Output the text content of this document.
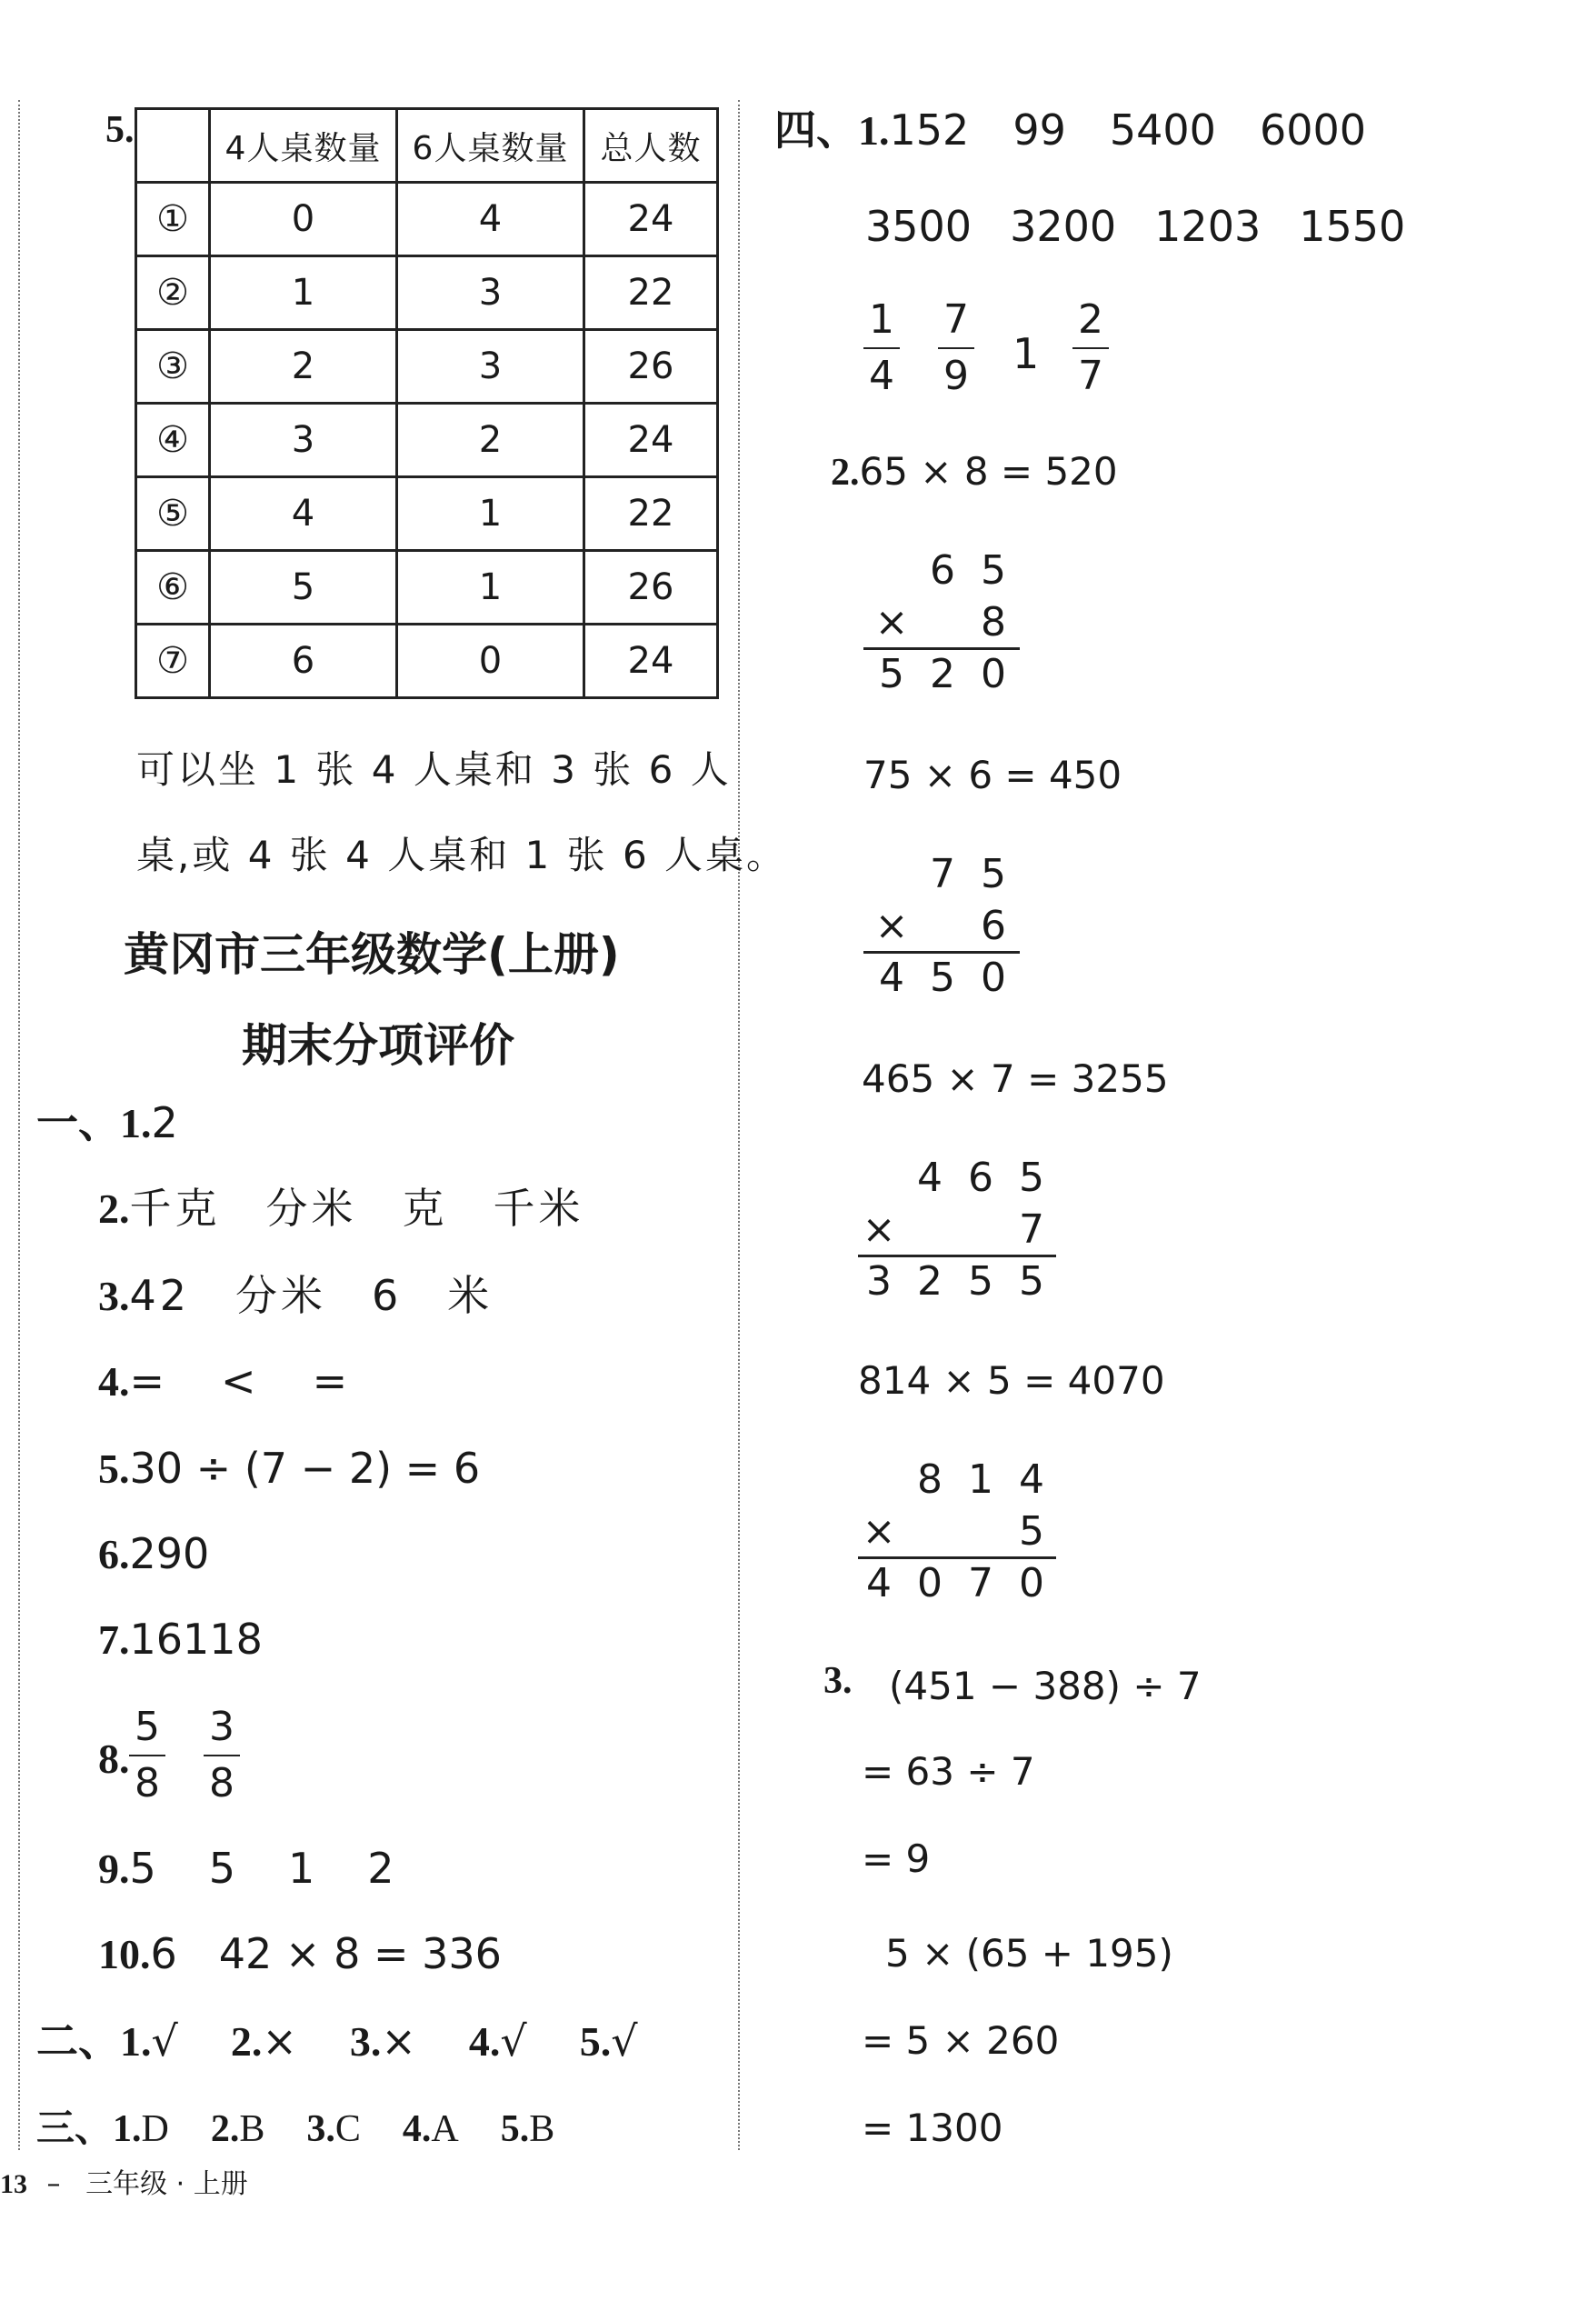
5.
		4人桌数量	6人桌数量	总人数
①	0	4	24
②	1	3	22
③	2	3	26
④	3	2	24
⑤	4	1	22
⑥	5	1	26
⑦	6	0	24
可以坐 1 张 4 人桌和 3 张 6 人
桌,或 4 张 4 人桌和 1 张 6 人桌。
黄冈市三年级数学(上册)
期末分项评价
一、1.2
2.千克　分米　克　千米
3.42　分米　6　米
4.=　<　=
5.30 ÷ (7 − 2) = 6
6.290
7.16118
8.
5
8
3
8
9.5　5　1　2
10.6　42 × 8 = 336
二、1.√ 2.× 3.× 4.√ 5.√
三、1.D 2.B 3.C 4.A 5.B
四、1.152 99 5400 6000
3500 3200 1203 1550
1
4
7
9 1
2
7
2.65 × 8 = 520
6 5
×	8
5 2 0
75 × 6 = 450
7 5
×	6
4 5 0
465 × 7 = 3255
4 6 5
×	7
3 2 5 5
814 × 5 = 4070
8 1 4
×	5
4 0 7 0
3. (451 − 388) ÷ 7
= 63 ÷ 7
= 9
5 × (65 + 195)
= 5 × 260
= 1300
13 – 三年级 · 上册
